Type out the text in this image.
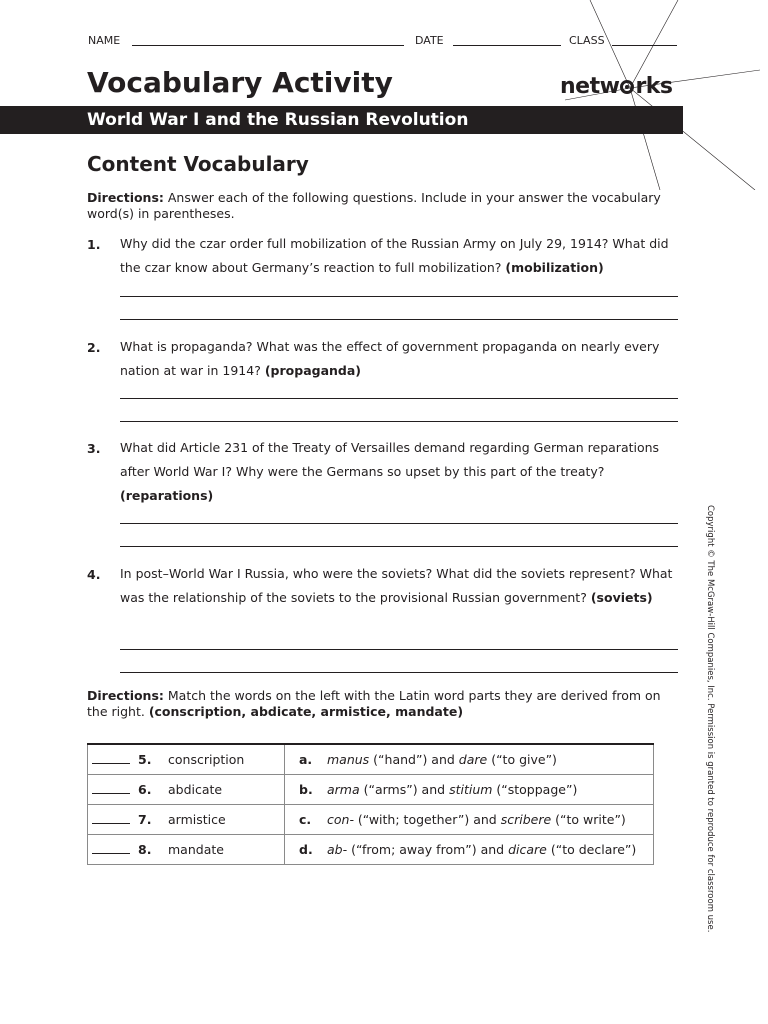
NAME	DATE	CLASS
Vocabulary Activity	netw rks
World War I and the Russian Revolution
Content Vocabulary
Directions: Answer each of the following questions. Include in your answer the vocabulary word(s) in parentheses.
1. Why did the czar order full mobilization of the Russian Army on July 29, 1914? What did the czar know about Germany’s reaction to full mobilization? (mobilization)
2. What is propaganda? What was the effect of government propaganda on nearly every nation at war in 1914? (propaganda)
3. What did Article 231 of the Treaty of Versailles demand regarding German reparations after World War I? Why were the Germans so upset by this part of the treaty? (reparations)
4. In post–World War I Russia, who were the soviets? What did the soviets represent? What was the relationship of the soviets to the provisional Russian government? (soviets)
Directions: Match the words on the left with the Latin word parts they are derived from on the right. (conscription, abdicate, armistice, mandate)
5. conscription	a. manus (“hand”) and dare (“to give”)

6. abdicate	b. arma (“arms”) and stitium (“stoppage”)

7. armistice	c. con- (“with; together”) and scribere (“to write”)

8. mandate	d. ab- (“from; away from”) and dicare (“to declare”)	Copyright © The McGraw-Hill Companies, Inc. Permission is granted to reproduce for classroom use.
